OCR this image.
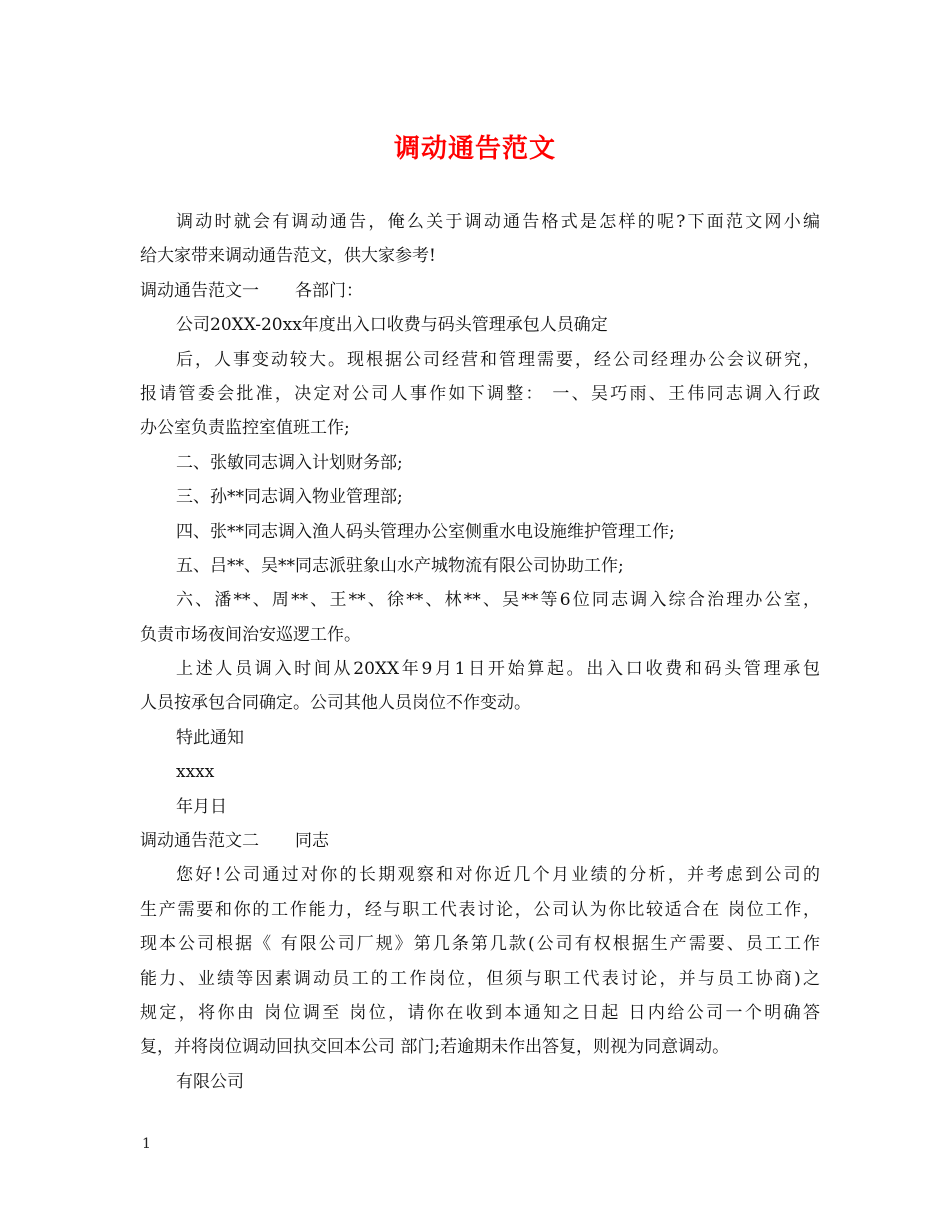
调动通告范文
调动时就会有调动通告，俺么关于调动通告格式是怎样的呢?下面范文网小编
给大家带来调动通告范文，供大家参考!
调动通告范文一 各部门：
公司20XX-20xx年度出入口收费与码头管理承包人员确定
后，人事变动较大。现根据公司经营和管理需要，经公司经理办公会议研究，
报请管委会批准，决定对公司人事作如下调整： 一、吴巧雨、王伟同志调入行政
办公室负责监控室值班工作;
二、张敏同志调入计划财务部;
三、孙**同志调入物业管理部;
四、张**同志调入渔人码头管理办公室侧重水电设施维护管理工作;
五、吕**、吴**同志派驻象山水产城物流有限公司协助工作;
六、潘**、周**、王**、徐**、林**、吴**等6位同志调入综合治理办公室，
负责市场夜间治安巡逻工作。
上述人员调入时间从20XX年9月1日开始算起。出入口收费和码头管理承包
人员按承包合同确定。公司其他人员岗位不作变动。
特此通知
xxxx
年月日
调动通告范文二 同志
您好!公司通过对你的长期观察和对你近几个月业绩的分析，并考虑到公司的
生产需要和你的工作能力，经与职工代表讨论，公司认为你比较适合在 岗位工作，
现本公司根据《 有限公司厂规》第几条第几款(公司有权根据生产需要、员工工作
能力、业绩等因素调动员工的工作岗位，但须与职工代表讨论，并与员工协商)之
规定，将你由 岗位调至 岗位，请你在收到本通知之日起 日内给公司一个明确答
复，并将岗位调动回执交回本公司 部门;若逾期未作出答复，则视为同意调动。
有限公司
1
